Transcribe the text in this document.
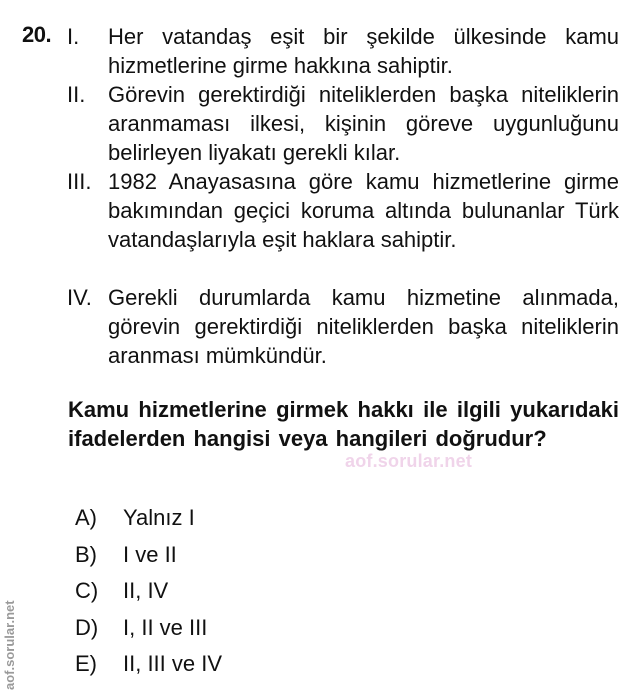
20. I. Her vatandaş eşit bir şekilde ülkesinde kamu hizmetlerine girme hakkına sahiptir.
II. Görevin gerektirdiği niteliklerden başka niteliklerin aranmaması ilkesi, kişinin göreve uygunluğunu belirleyen liyakatı gerekli kılar.
III. 1982 Anayasasına göre kamu hizmetlerine girme bakımından geçici koruma altında bulunanlar Türk vatandaşlarıyla eşit haklara sahiptir.
IV. Gerekli durumlarda kamu hizmetine alınmada, görevin gerektirdiği niteliklerden başka niteliklerin aranması mümkündür.
Kamu hizmetlerine girmek hakkı ile ilgili yukarıdaki ifadelerden hangisi veya hangileri doğrudur?
A) Yalnız I
B) I ve II
C) II, IV
D) I, II ve III
E) II, III ve IV
aof.sorular.net
aof.sorular.net
